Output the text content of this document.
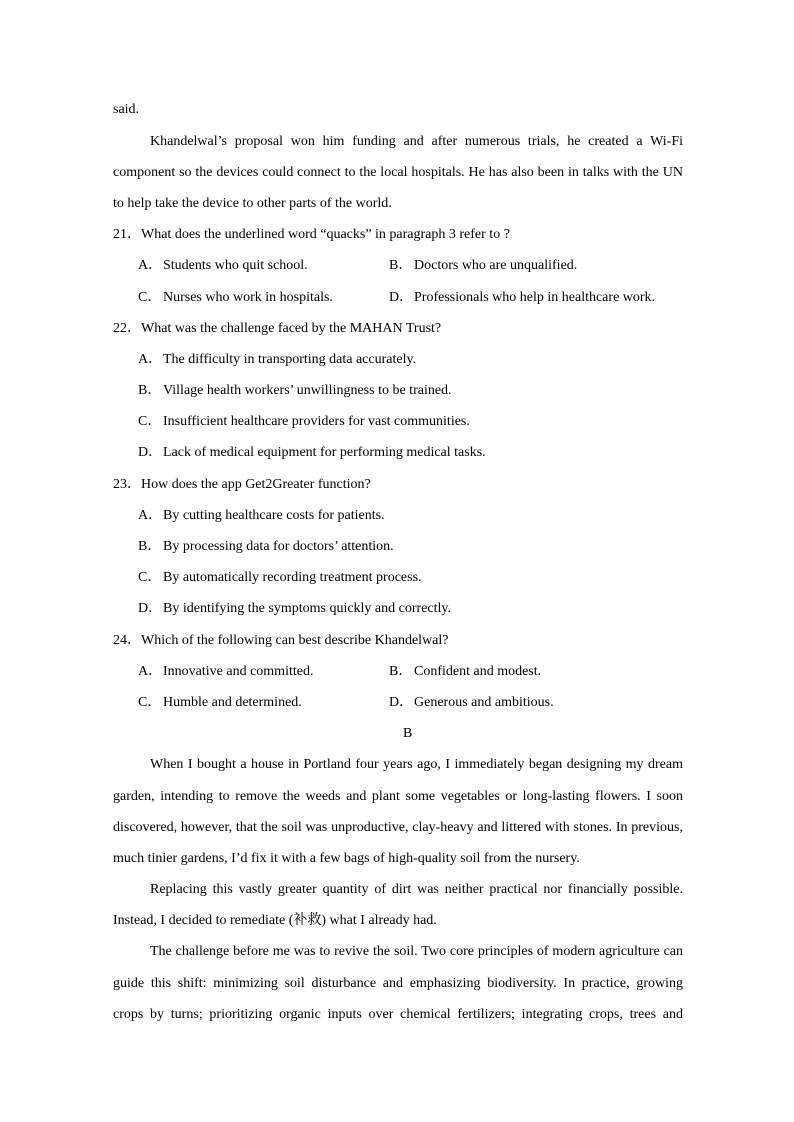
said.
Khandelwal’s proposal won him funding and after numerous trials, he created a Wi-Fi
component so the devices could connect to the local hospitals. He has also been in talks with the UN
to help take the device to other parts of the world.
21．What does the underlined word “quacks” in paragraph 3 refer to ?
A．Students who quit school.	B． Doctors who are unqualified.
C． Nurses who work in hospitals.	D．Professionals who help in healthcare work.
22．What was the challenge faced by the MAHAN Trust?
A．The difficulty in transporting data accurately.
B． Village health workers’ unwillingness to be trained.
C． Insufficient healthcare providers for vast communities.
D．Lack of medical equipment for performing medical tasks.
23．How does the app Get2Greater function?
A．By cutting healthcare costs for patients.
B． By processing data for doctors’ attention.
C． By automatically recording treatment process.
D．By identifying the symptoms quickly and correctly.
24．Which of the following can best describe Khandelwal?
A．Innovative and committed.	B． Confident and modest.
C． Humble and determined.	D．Generous and ambitious.
B
When I bought a house in Portland four years ago, I immediately began designing my dream
garden, intending to remove the weeds and plant some vegetables or long-lasting flowers. I soon
discovered, however, that the soil was unproductive, clay-heavy and littered with stones. In previous,
much tinier gardens, I’d fix it with a few bags of high-quality soil from the nursery.
Replacing this vastly greater quantity of dirt was neither practical nor financially possible.
Instead, I decided to remediate (补救) what I already had.
The challenge before me was to revive the soil. Two core principles of modern agriculture can
guide this shift: minimizing soil disturbance and emphasizing biodiversity. In practice, growing
crops by turns; prioritizing organic inputs over chemical fertilizers; integrating crops, trees and
